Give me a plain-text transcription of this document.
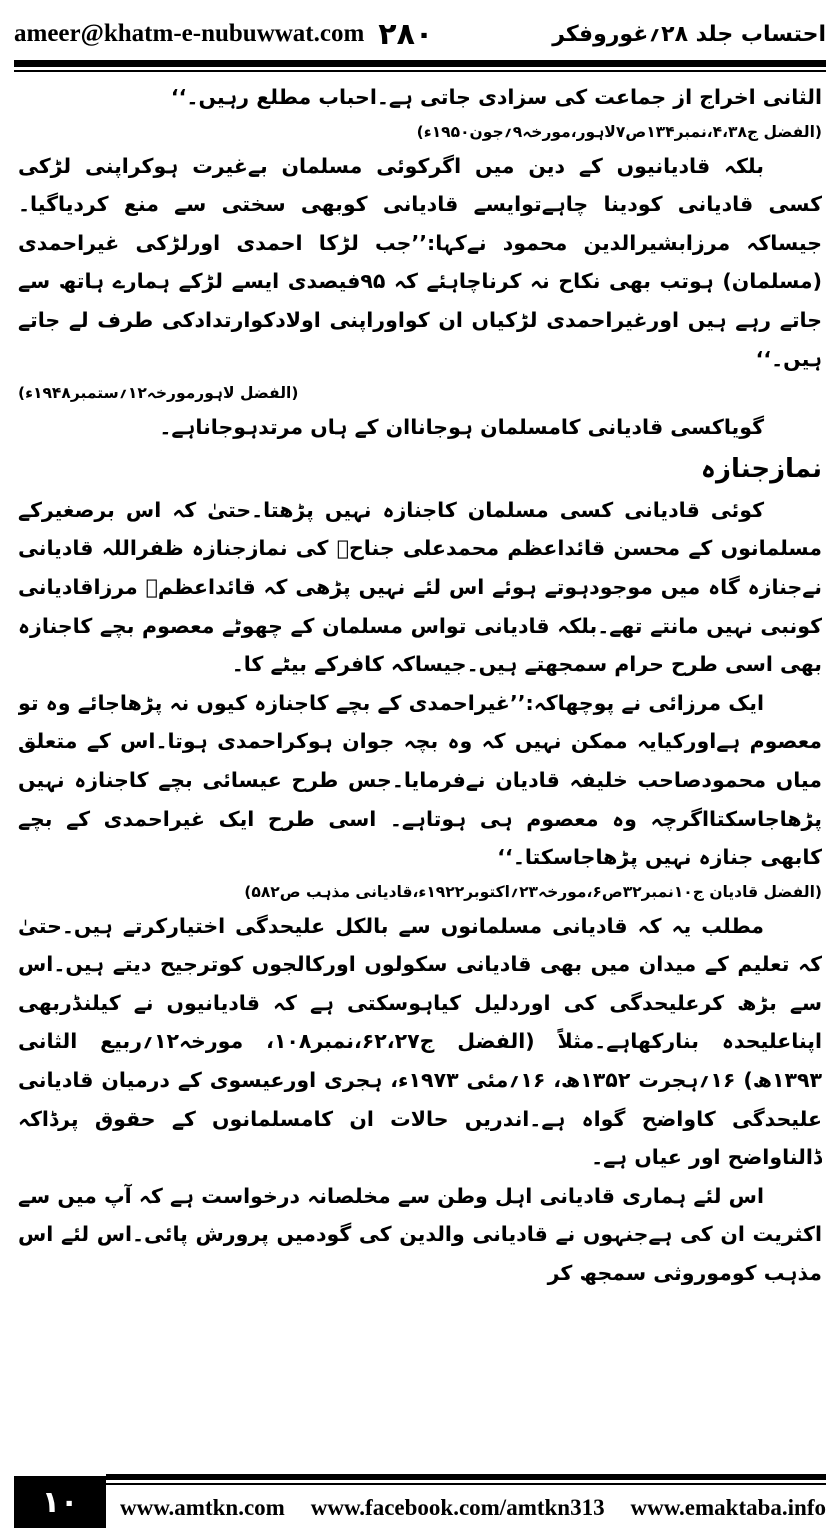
ameer@khatm-e-nubuwwat.com ۲۸۰	احتساب جلد ۲۸؍غوروفکر

الثانی اخراج از جماعت کی سزادی جاتی ہے۔احباب مطلع رہیں۔‘‘

(الفضل ج۴،۳۸،نمبر۱۳۴ص۷لاہور،مورخہ۹؍جون۱۹۵۰ء)

بلکہ قادیانیوں کے دین میں اگرکوئی مسلمان بےغیرت ہوکراپنی لڑکی کسی قادیانی کودینا چاہےتوایسے قادیانی کوبھی سختی سے منع کردیاگیا۔جیساکہ مرزابشیرالدین محمود نےکہا:’’جب لڑکا احمدی اورلڑکی غیراحمدی (مسلمان) ہوتب بھی نکاح نہ کرناچاہئے کہ ۹۵فیصدی ایسے لڑکے ہمارے ہاتھ سے جاتے رہے ہیں اورغیراحمدی لڑکیاں ان کواوراپنی اولادکوارتدادکی طرف لے جاتے ہیں۔‘‘

(الفضل لاہورمورخہ۱۲؍ستمبر۱۹۴۸ء)

گویاکسی قادیانی کامسلمان ہوجاناان کے ہاں مرتدہوجاناہے۔

نمازجنازہ

کوئی قادیانی کسی مسلمان کاجنازہ نہیں پڑھتا۔حتیٰ کہ اس برصغیرکے مسلمانوں کے محسن قائداعظم محمدعلی جناحؒ کی نمازجنازہ ظفراللہ قادیانی نےجنازہ گاہ میں موجودہوتے ہوئے اس لئے نہیں پڑھی کہ قائداعظمؒ مرزاقادیانی کونبی نہیں مانتے تھے۔بلکہ قادیانی تواس مسلمان کے چھوٹے معصوم بچے کاجنازہ بھی اسی طرح حرام سمجھتے ہیں۔جیساکہ کافرکے بیٹے کا۔

ایک مرزائی نے پوچھاکہ:’’غیراحمدی کے بچے کاجنازہ کیوں نہ پڑھاجائے وہ تو معصوم ہےاورکیایہ ممکن نہیں کہ وہ بچہ جوان ہوکراحمدی ہوتا۔اس کے متعلق میاں محمودصاحب خلیفہ قادیان نےفرمایا۔جس طرح عیسائی بچے کاجنازہ نہیں پڑھاجاسکتااگرچہ وہ معصوم ہی ہوتاہے۔ اسی طرح ایک غیراحمدی کے بچے کابھی جنازہ نہیں پڑھاجاسکتا۔‘‘

(الفضل قادیان ج۱۰نمبر۳۲ص۶،مورخہ۲۳؍اکتوبر۱۹۲۲ء،قادیانی مذہب ص۵۸۲)

مطلب یہ کہ قادیانی مسلمانوں سے بالکل علیحدگی اختیارکرتے ہیں۔حتیٰ کہ تعلیم کے میدان میں بھی قادیانی سکولوں اورکالجوں کوترجیح دیتے ہیں۔اس سے بڑھ کرعلیحدگی کی اوردلیل کیاہوسکتی ہے کہ قادیانیوں نے کیلنڈربھی اپناعلیحدہ بنارکھاہے۔مثلاً (الفضل ج۶۲،۲۷،نمبر۱۰۸، مورخہ۱۲؍ربیع الثانی ۱۳۹۳ھ) ۱۶؍ہجرت ۱۳۵۲ھ، ۱۶؍مئی ۱۹۷۳ء، ہجری اورعیسوی کے درمیان قادیانی علیحدگی کاواضح گواہ ہے۔اندریں حالات ان کامسلمانوں کے حقوق پرڈاکہ ڈالناواضح اور عیاں ہے۔

اس لئے ہماری قادیانی اہل وطن سے مخلصانہ درخواست ہے کہ آپ میں سے اکثریت ان کی ہےجنہوں نے قادیانی والدین کی گودمیں پرورش پائی۔اس لئے اس مذہب کوموروثی سمجھ کر

۱۰	www.amtkn.com www.facebook.com/amtkn313 www.emaktaba.info
